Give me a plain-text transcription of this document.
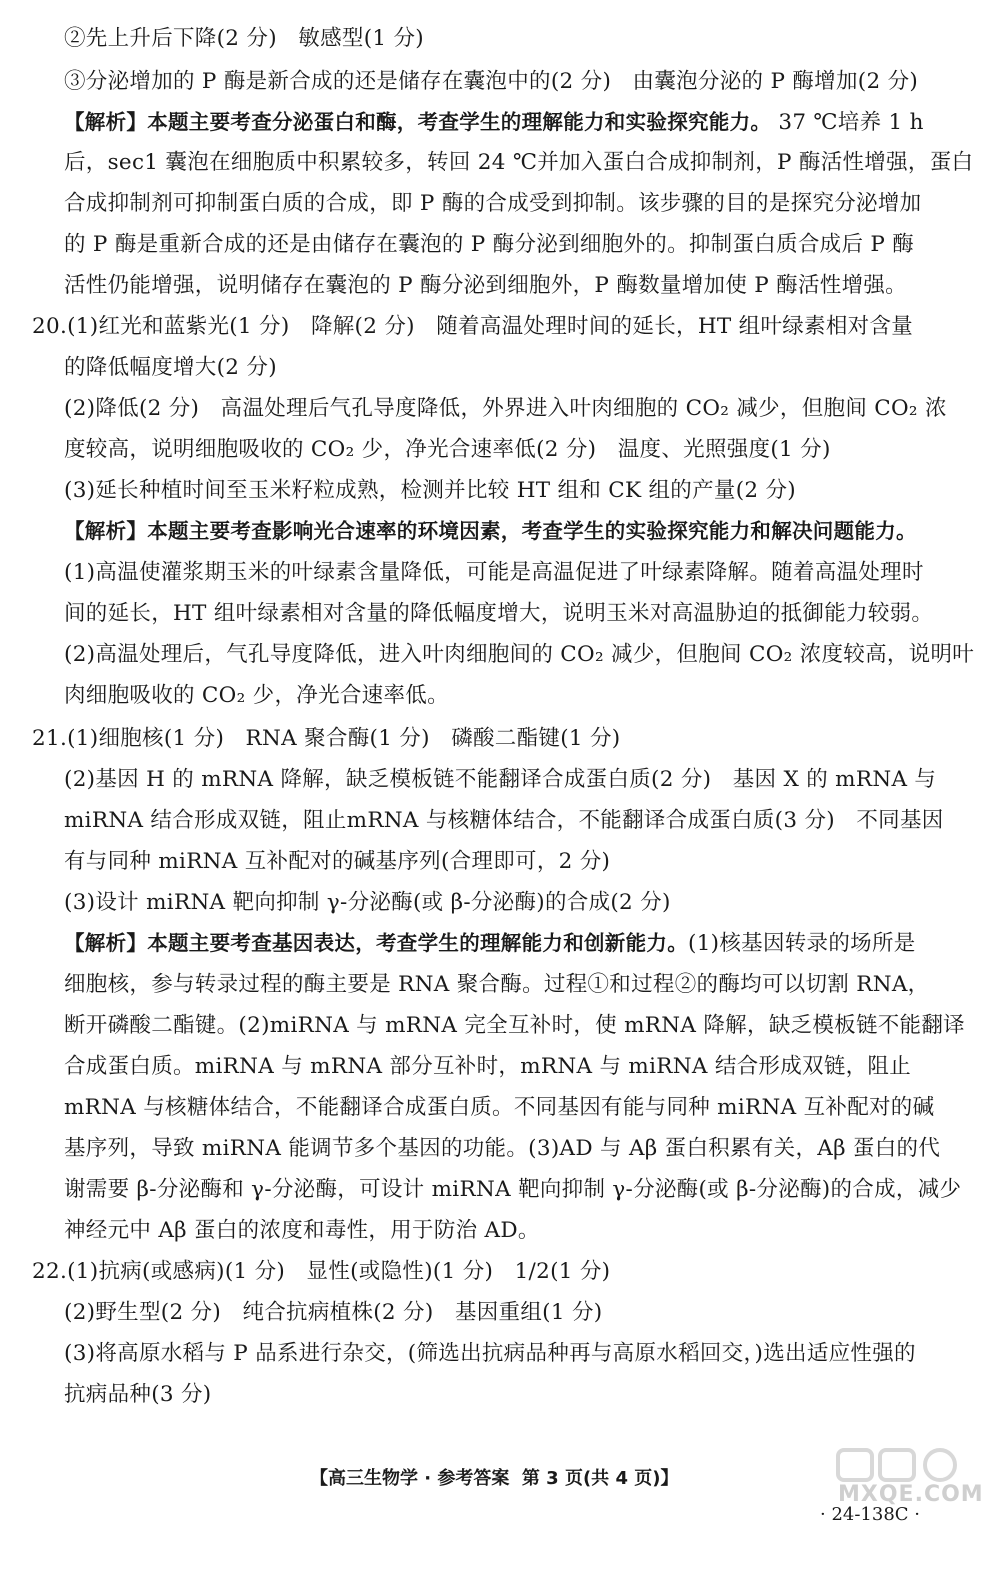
②先上升后下降(2 分)   敏感型(1 分)
③分泌增加的 P 酶是新合成的还是储存在囊泡中的(2 分)   由囊泡分泌的 P 酶增加(2 分)
【解析】本题主要考查分泌蛋白和酶，考查学生的理解能力和实验探究能力。 37 ℃培养 1 h
后，sec1 囊泡在细胞质中积累较多，转回 24 ℃并加入蛋白合成抑制剂，P 酶活性增强，蛋白
合成抑制剂可抑制蛋白质的合成，即 P 酶的合成受到抑制。该步骤的目的是探究分泌增加
的 P 酶是重新合成的还是由储存在囊泡的 P 酶分泌到细胞外的。抑制蛋白质合成后 P 酶
活性仍能增强，说明储存在囊泡的 P 酶分泌到细胞外，P 酶数量增加使 P 酶活性增强。
20.(1)红光和蓝紫光(1 分)   降解(2 分)   随着高温处理时间的延长，HT 组叶绿素相对含量
的降低幅度增大(2 分)
(2)降低(2 分)   高温处理后气孔导度降低，外界进入叶肉细胞的 CO₂ 减少，但胞间 CO₂ 浓
度较高，说明细胞吸收的 CO₂ 少，净光合速率低(2 分)   温度、光照强度(1 分)
(3)延长种植时间至玉米籽粒成熟，检测并比较 HT 组和 CK 组的产量(2 分)
【解析】本题主要考查影响光合速率的环境因素，考查学生的实验探究能力和解决问题能力。
(1)高温使灌浆期玉米的叶绿素含量降低，可能是高温促进了叶绿素降解。随着高温处理时
间的延长，HT 组叶绿素相对含量的降低幅度增大，说明玉米对高温胁迫的抵御能力较弱。
(2)高温处理后，气孔导度降低，进入叶肉细胞间的 CO₂ 减少，但胞间 CO₂ 浓度较高，说明叶
肉细胞吸收的 CO₂ 少，净光合速率低。
21.(1)细胞核(1 分)   RNA 聚合酶(1 分)   磷酸二酯键(1 分)
(2)基因 H 的 mRNA 降解，缺乏模板链不能翻译合成蛋白质(2 分)   基因 X 的 mRNA 与
miRNA 结合形成双链，阻止mRNA 与核糖体结合，不能翻译合成蛋白质(3 分)   不同基因
有与同种 miRNA 互补配对的碱基序列(合理即可，2 分)
(3)设计 miRNA 靶向抑制 γ-分泌酶(或 β-分泌酶)的合成(2 分)
【解析】本题主要考查基因表达，考查学生的理解能力和创新能力。(1)核基因转录的场所是
细胞核，参与转录过程的酶主要是 RNA 聚合酶。过程①和过程②的酶均可以切割 RNA，
断开磷酸二酯键。(2)miRNA 与 mRNA 完全互补时，使 mRNA 降解，缺乏模板链不能翻译
合成蛋白质。miRNA 与 mRNA 部分互补时，mRNA 与 miRNA 结合形成双链，阻止
mRNA 与核糖体结合，不能翻译合成蛋白质。不同基因有能与同种 miRNA 互补配对的碱
基序列，导致 miRNA 能调节多个基因的功能。(3)AD 与 Aβ 蛋白积累有关，Aβ 蛋白的代
谢需要 β-分泌酶和 γ-分泌酶，可设计 miRNA 靶向抑制 γ-分泌酶(或 β-分泌酶)的合成，减少
神经元中 Aβ 蛋白的浓度和毒性，用于防治 AD。
22.(1)抗病(或感病)(1 分)   显性(或隐性)(1 分)   1/2(1 分)
(2)野生型(2 分)   纯合抗病植株(2 分)   基因重组(1 分)
(3)将高原水稻与 P 品系进行杂交，(筛选出抗病品种再与高原水稻回交，)选出适应性强的
抗病品种(3 分)

【高三生物学 · 参考答案  第 3 页(共 4 页)】

· 24-138C ·

MXQE.COM
